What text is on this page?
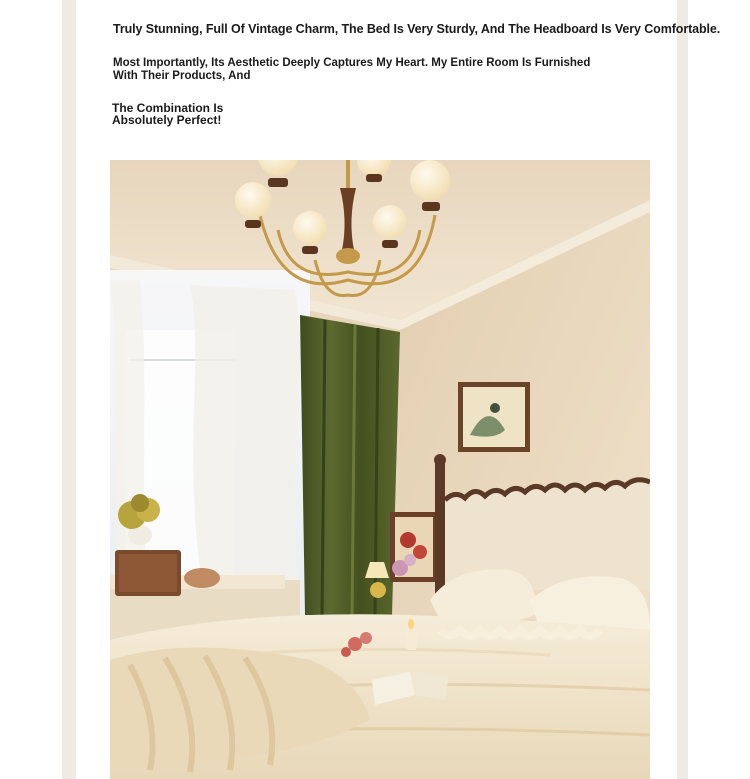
Truly Stunning, Full Of Vintage Charm, The Bed Is Very Sturdy, And The Headboard Is Very Comfortable.
Most Importantly, Its Aesthetic Deeply Captures My Heart. My Entire Room Is Furnished With Their Products, And
The Combination Is Absolutely Perfect!
